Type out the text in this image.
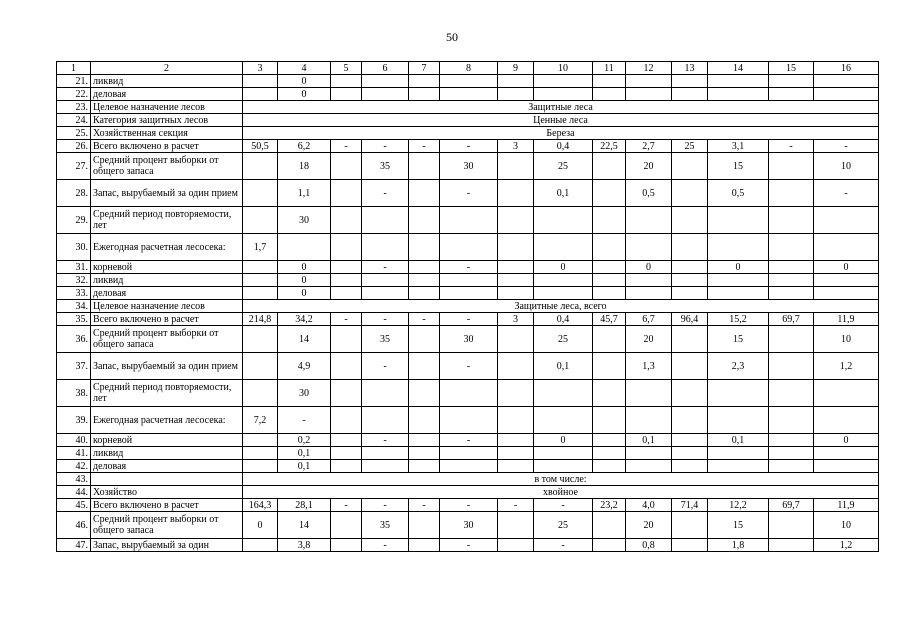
50
1	2	3	4	5	6	7	8	9	10	11	12	13	14	15	16	
21.	ликвид		0													
22.	деловая		0													
23.	Целевое назначение лесов	Защитные леса														
24.	Категория защитных лесов	Ценные леса														
25.	Хозяйственная секция	Береза														
26.	Всего включено в расчет	50,5	6,2	-	-	-	-	3	0,4	22,5	2,7	25	3,1	-	-	
27.	Средний процент выборки от общего запаса		18		35		30		25		20		15		10	
28.	Запас, вырубаемый за один прием		1,1		-		-		0,1		0,5		0,5		-	
29.	Средний период повторяемости, лет		30													
30.	Ежегодная расчетная лесосека:	1,7														
31.	корневой		0		-		-		0		0		0		0	
32.	ликвид		0													
33.	деловая		0													
34.	Целевое назначение лесов	Защитные леса, всего														
35.	Всего включено в расчет	214,8	34,2	-	-	-	-	3	0,4	45,7	6,7	96,4	15,2	69,7	11,9	
36.	Средний процент выборки от общего запаса		14		35		30		25		20		15		10	
37.	Запас, вырубаемый за один прием		4,9		-		-		0,1		1,3		2,3		1,2	
38.	Средний период повторяемости, лет		30													
39.	Ежегодная расчетная лесосека:	7,2	-													
40.	корневой		0,2		-		-		0		0,1		0,1		0	
41.	ликвид		0,1													
42.	деловая		0,1													
43.		в том числе:														
44.	Хозяйство	хвойное														
45.	Всего включено в расчет	164,3	28,1	-	-	-	-	-	-	23,2	4,0	71,4	12,2	69,7	11,9	
46.	Средний процент выборки от общего запаса	0	14		35		30		25		20		15		10	
47.	Запас, вырубаемый за один		3,8		-		-		-		0,8		1,8		1,2	
